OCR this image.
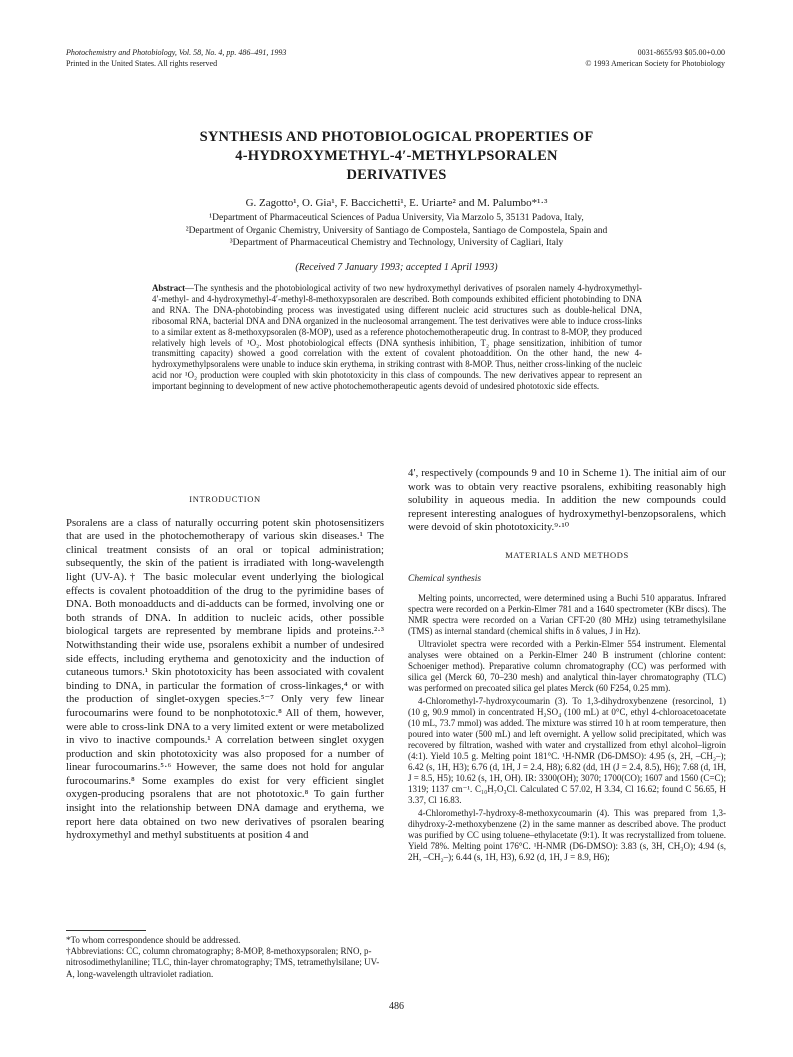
Photochemistry and Photobiology, Vol. 58, No. 4, pp. 486–491, 1993
Printed in the United States. All rights reserved
0031-8655/93 $05.00+0.00
© 1993 American Society for Photobiology
SYNTHESIS AND PHOTOBIOLOGICAL PROPERTIES OF
4-HYDROXYMETHYL-4′-METHYLPSORALEN
DERIVATIVES
G. Zagotto¹, O. Gia¹, F. Baccichetti¹, E. Uriarte² and M. Palumbo*¹·³
¹Department of Pharmaceutical Sciences of Padua University, Via Marzolo 5, 35131 Padova, Italy,
²Department of Organic Chemistry, University of Santiago de Compostela, Santiago de Compostela, Spain and
³Department of Pharmaceutical Chemistry and Technology, University of Cagliari, Italy
(Received 7 January 1993; accepted 1 April 1993)
Abstract—The synthesis and the photobiological activity of two new hydroxymethyl derivatives of psoralen namely 4-hydroxymethyl-4′-methyl- and 4-hydroxymethyl-4′-methyl-8-methoxypsoralen are described. Both compounds exhibited efficient photobinding to DNA and RNA. The DNA-photobinding process was investigated using different nucleic acid structures such as double-helical DNA, ribosomal RNA, bacterial DNA and DNA organized in the nucleosomal arrangement. The test derivatives were able to induce cross-links to a similar extent as 8-methoxypsoralen (8-MOP), used as a reference photochemotherapeutic drug. In contrast to 8-MOP, they produced relatively high levels of ¹O₂. Most photobiological effects (DNA synthesis inhibition, T₂ phage sensitization, inhibition of tumor transmitting capacity) showed a good correlation with the extent of covalent photoaddition. On the other hand, the new 4-hydroxymethylpsoralens were unable to induce skin erythema, in striking contrast with 8-MOP. Thus, neither cross-linking of the nucleic acid nor ¹O₂ production were coupled with skin phototoxicity in this class of compounds. The new derivatives appear to represent an important beginning to development of new active photochemotherapeutic agents devoid of undesired phototoxic side effects.
INTRODUCTION

Psoralens are a class of naturally occurring potent skin photosensitizers that are used in the photochemotherapy of various skin diseases.¹ The clinical treatment consists of an oral or topical administration; subsequently, the skin of the patient is irradiated with long-wavelength light (UV-A).† The basic molecular event underlying the biological effects is covalent photoaddition of the drug to the pyrimidine bases of DNA. Both monoadducts and di-adducts can be formed, involving one or both strands of DNA. In addition to nucleic acids, other possible biological targets are represented by membrane lipids and proteins.²·³ Notwithstanding their wide use, psoralens exhibit a number of undesired side effects, including erythema and genotoxicity and the induction of cutaneous tumors.¹ Skin phototoxicity has been associated with covalent binding to DNA, in particular the formation of cross-linkages,⁴ or with the production of singlet-oxygen species.⁵⁻⁷ Only very few linear furocoumarins were found to be nonphototoxic.⁸ All of them, however, were able to cross-link DNA to a very limited extent or were metabolized in vivo to inactive compounds.¹ A correlation between singlet oxygen production and skin phototoxicity was also proposed for a number of linear furocoumarins.⁵·⁶ However, the same does not hold for angular furocoumarins.⁸ Some examples do exist for very efficient singlet oxygen-producing psoralens that are not phototoxic.⁸ To gain further insight into the relationship between DNA damage and erythema, we report here data obtained on two new derivatives of psoralen bearing hydroxymethyl and methyl substituents at position 4 and

4′, respectively (compounds 9 and 10 in Scheme 1). The initial aim of our work was to obtain very reactive psoralens, exhibiting reasonably high solubility in aqueous media. In addition the new compounds could represent interesting analogues of hydroxymethyl-benzopsoralens, which were devoid of skin phototoxicity.⁹·¹⁰

MATERIALS AND METHODS
Chemical synthesis

Melting points, uncorrected, were determined using a Buchi 510 apparatus. Infrared spectra were recorded on a Perkin-Elmer 781 and a 1640 spectrometer (KBr discs). The NMR spectra were recorded on a Varian CFT-20 (80 MHz) using tetramethylsilane (TMS) as internal standard (chemical shifts in δ values, J in Hz).

Ultraviolet spectra were recorded with a Perkin-Elmer 554 instrument. Elemental analyses were obtained on a Perkin-Elmer 240 B instrument (chlorine content: Schoeniger method). Preparative column chromatography (CC) was performed with silica gel (Merck 60, 70–230 mesh) and analytical thin-layer chromatography (TLC) was performed on precoated silica gel plates Merck (60 F254, 0.25 mm).

4-Chloromethyl-7-hydroxycoumarin (3). To 1,3-dihydroxybenzene (resorcinol, 1) (10 g, 90.9 mmol) in concentrated H₂SO₄ (100 mL) at 0°C, ethyl 4-chloroacetoacetate (10 mL, 73.7 mmol) was added. The mixture was stirred 10 h at room temperature, then poured into water (500 mL) and left overnight. A yellow solid precipitated, which was recovered by filtration, washed with water and crystallized from ethyl alcohol–ligroin (4:1). Yield 10.5 g. Melting point 181°C. ¹H-NMR (D6-DMSO): 4.95 (s, 2H, –CH₂–); 6.42 (s, 1H, H3); 6.76 (d, 1H, J = 2.4, H8); 6.82 (dd, 1H (J = 2.4, 8.5), H6); 7.68 (d, 1H, J = 8.5, H5); 10.62 (s, 1H, OH). IR: 3300(OH); 3070; 1700(CO); 1607 and 1560 (C=C); 1319; 1137 cm⁻¹. C₁₀H₇O₃Cl. Calculated C 57.02, H 3.34, Cl 16.62; found C 56.65, H 3.37, Cl 16.83.

4-Chloromethyl-7-hydroxy-8-methoxycoumarin (4). This was prepared from 1,3-dihydroxy-2-methoxybenzene (2) in the same manner as described above. The product was purified by CC using toluene–ethylacetate (9:1). It was recrystallized from toluene. Yield 78%. Melting point 176°C. ¹H-NMR (D6-DMSO): 3.83 (s, 3H, CH₃O); 4.94 (s, 2H, –CH₂–); 6.44 (s, 1H, H3), 6.92 (d, 1H, J = 8.9, H6);

*To whom correspondence should be addressed.
†Abbreviations: CC, column chromatography; 8-MOP, 8-methoxypsoralen; RNO, p-nitrosodimethylaniline; TLC, thin-layer chromatography; TMS, tetramethylsilane; UV-A, long-wavelength ultraviolet radiation.
486
